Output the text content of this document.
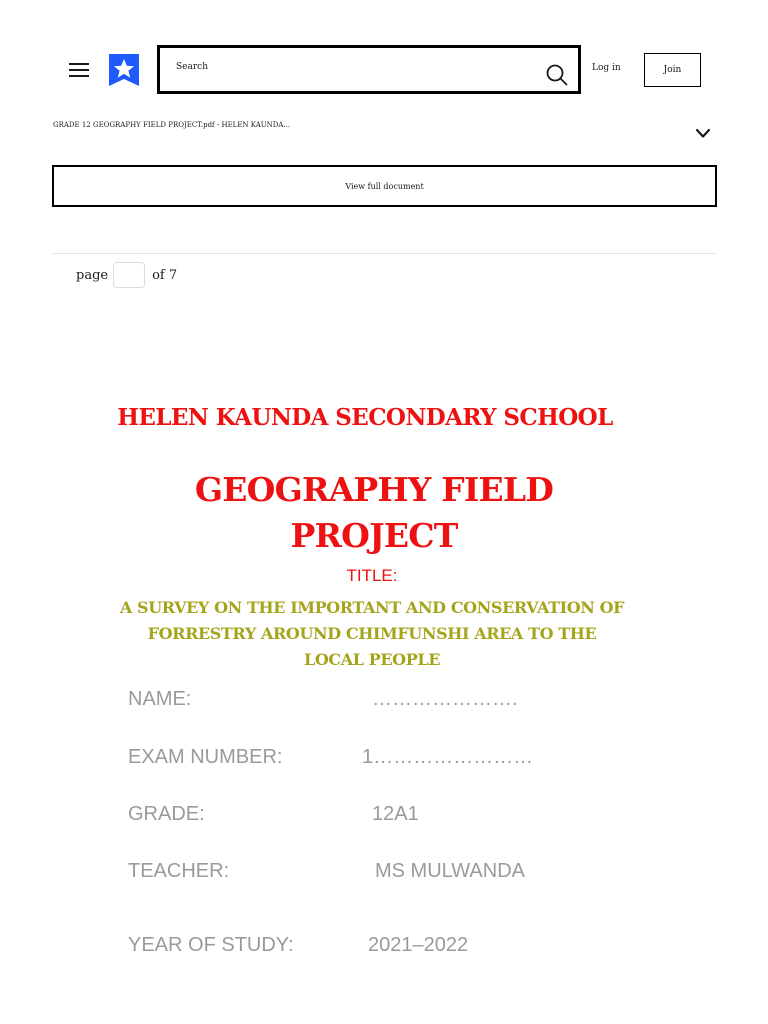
Search
Log in	Join
GRADE 12 GEOGRAPHY FIELD PROJECT.pdf - HELEN KAUNDA...
View full document
page	of 7
HELEN KAUNDA SECONDARY SCHOOL
GEOGRAPHY FIELD
PROJECT
TITLE:
A SURVEY ON THE IMPORTANT AND CONSERVATION OF
FORRESTRY AROUND CHIMFUNSHI AREA TO THE
LOCAL PEOPLE
NAME:	………………….
EXAM NUMBER:	1……………………
GRADE:	12A1
TEACHER:	MS MULWANDA
YEAR OF STUDY:	2021–2022
